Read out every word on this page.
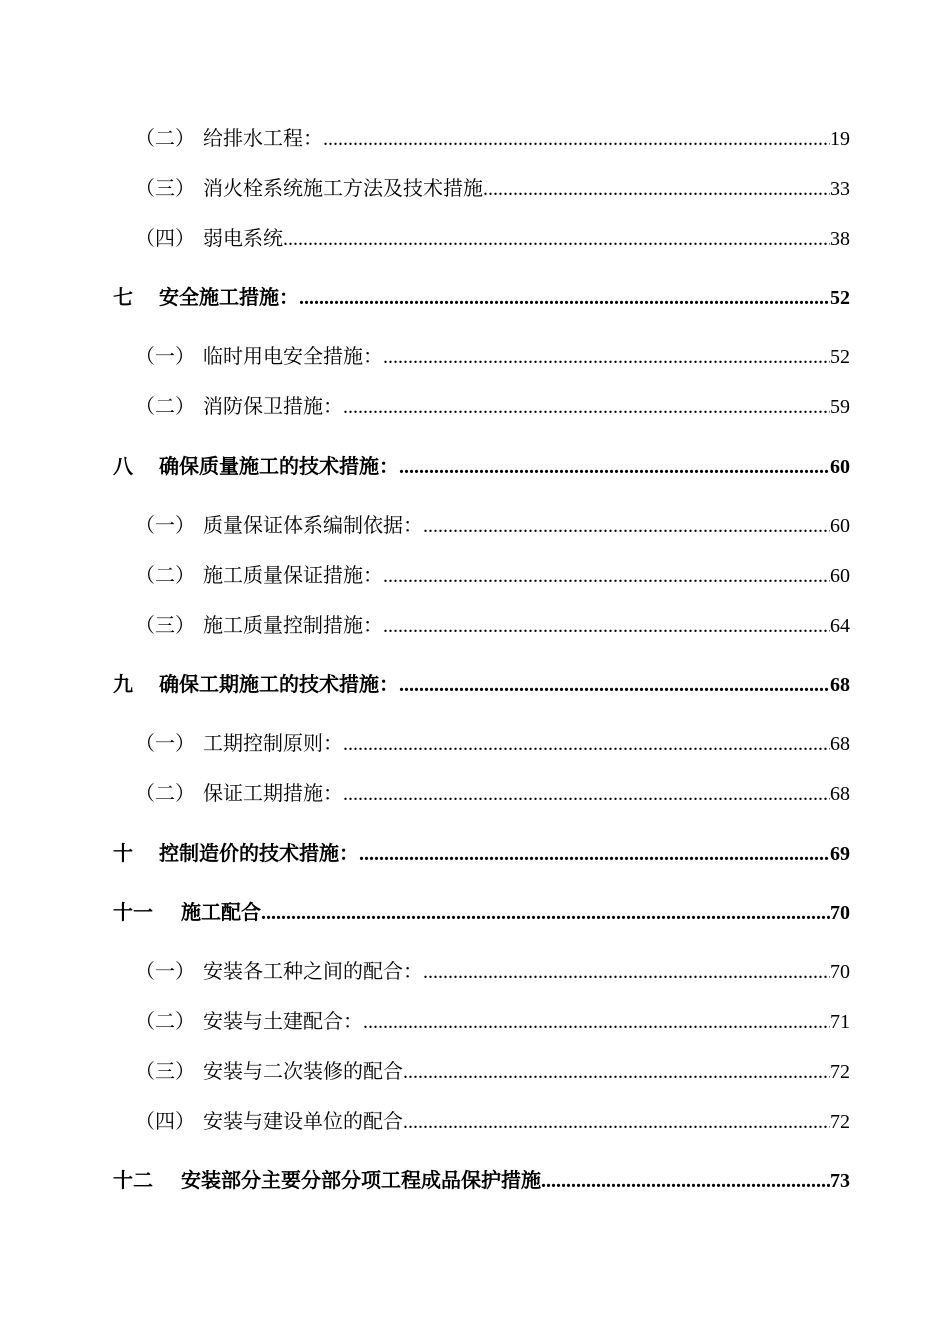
（二） 给排水工程： .....	19
（三） 消火栓系统施工方法及技术措施 .....	33
（四） 弱电系统 .....	38
七	安全施工措施： .....	52
（一） 临时用电安全措施： .....	52
（二） 消防保卫措施： .....	59
八	确保质量施工的技术措施： .....	60
（一） 质量保证体系编制依据： .....	60
（二） 施工质量保证措施： .....	60
（三） 施工质量控制措施： .....	64
九	确保工期施工的技术措施： .....	68
（一） 工期控制原则： .....	68
（二） 保证工期措施： .....	68
十	控制造价的技术措施： .....	69
十一	施工配合 .....	70
（一） 安装各工种之间的配合： .....	70
（二） 安装与土建配合： .....	71
（三） 安装与二次装修的配合 .....	72
（四） 安装与建设单位的配合 .....	72
十二	安装部分主要分部分项工程成品保护措施 .....	73
